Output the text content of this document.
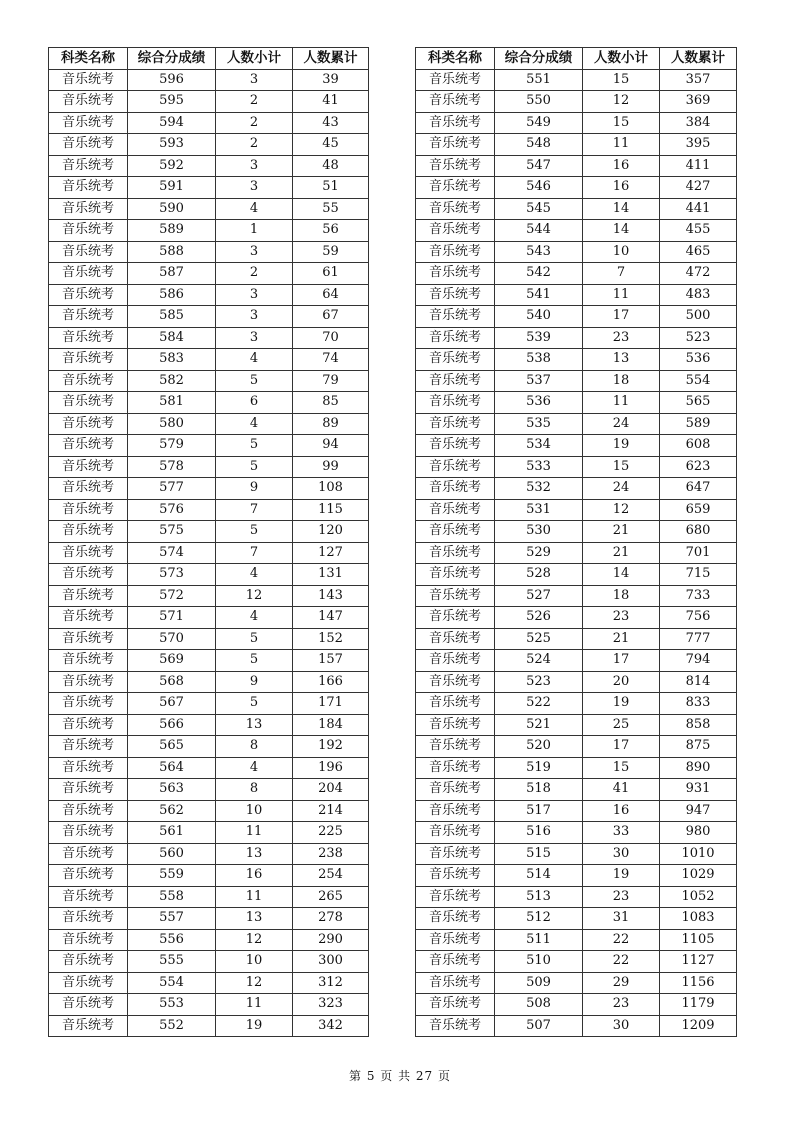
科类名称	综合分成绩	人数小计	人数累计
音乐统考	596	3	39
音乐统考	595	2	41
音乐统考	594	2	43
音乐统考	593	2	45
音乐统考	592	3	48
音乐统考	591	3	51
音乐统考	590	4	55
音乐统考	589	1	56
音乐统考	588	3	59
音乐统考	587	2	61
音乐统考	586	3	64
音乐统考	585	3	67
音乐统考	584	3	70
音乐统考	583	4	74
音乐统考	582	5	79
音乐统考	581	6	85
音乐统考	580	4	89
音乐统考	579	5	94
音乐统考	578	5	99
音乐统考	577	9	108
音乐统考	576	7	115
音乐统考	575	5	120
音乐统考	574	7	127
音乐统考	573	4	131
音乐统考	572	12	143
音乐统考	571	4	147
音乐统考	570	5	152
音乐统考	569	5	157
音乐统考	568	9	166
音乐统考	567	5	171
音乐统考	566	13	184
音乐统考	565	8	192
音乐统考	564	4	196
音乐统考	563	8	204
音乐统考	562	10	214
音乐统考	561	11	225
音乐统考	560	13	238
音乐统考	559	16	254
音乐统考	558	11	265
音乐统考	557	13	278
音乐统考	556	12	290
音乐统考	555	10	300
音乐统考	554	12	312
音乐统考	553	11	323
音乐统考	552	19	342
科类名称	综合分成绩	人数小计	人数累计
音乐统考	551	15	357
音乐统考	550	12	369
音乐统考	549	15	384
音乐统考	548	11	395
音乐统考	547	16	411
音乐统考	546	16	427
音乐统考	545	14	441
音乐统考	544	14	455
音乐统考	543	10	465
音乐统考	542	7	472
音乐统考	541	11	483
音乐统考	540	17	500
音乐统考	539	23	523
音乐统考	538	13	536
音乐统考	537	18	554
音乐统考	536	11	565
音乐统考	535	24	589
音乐统考	534	19	608
音乐统考	533	15	623
音乐统考	532	24	647
音乐统考	531	12	659
音乐统考	530	21	680
音乐统考	529	21	701
音乐统考	528	14	715
音乐统考	527	18	733
音乐统考	526	23	756
音乐统考	525	21	777
音乐统考	524	17	794
音乐统考	523	20	814
音乐统考	522	19	833
音乐统考	521	25	858
音乐统考	520	17	875
音乐统考	519	15	890
音乐统考	518	41	931
音乐统考	517	16	947
音乐统考	516	33	980
音乐统考	515	30	1010
音乐统考	514	19	1029
音乐统考	513	23	1052
音乐统考	512	31	1083
音乐统考	511	22	1105
音乐统考	510	22	1127
音乐统考	509	29	1156
音乐统考	508	23	1179
音乐统考	507	30	1209
第 5 页 共 27 页
